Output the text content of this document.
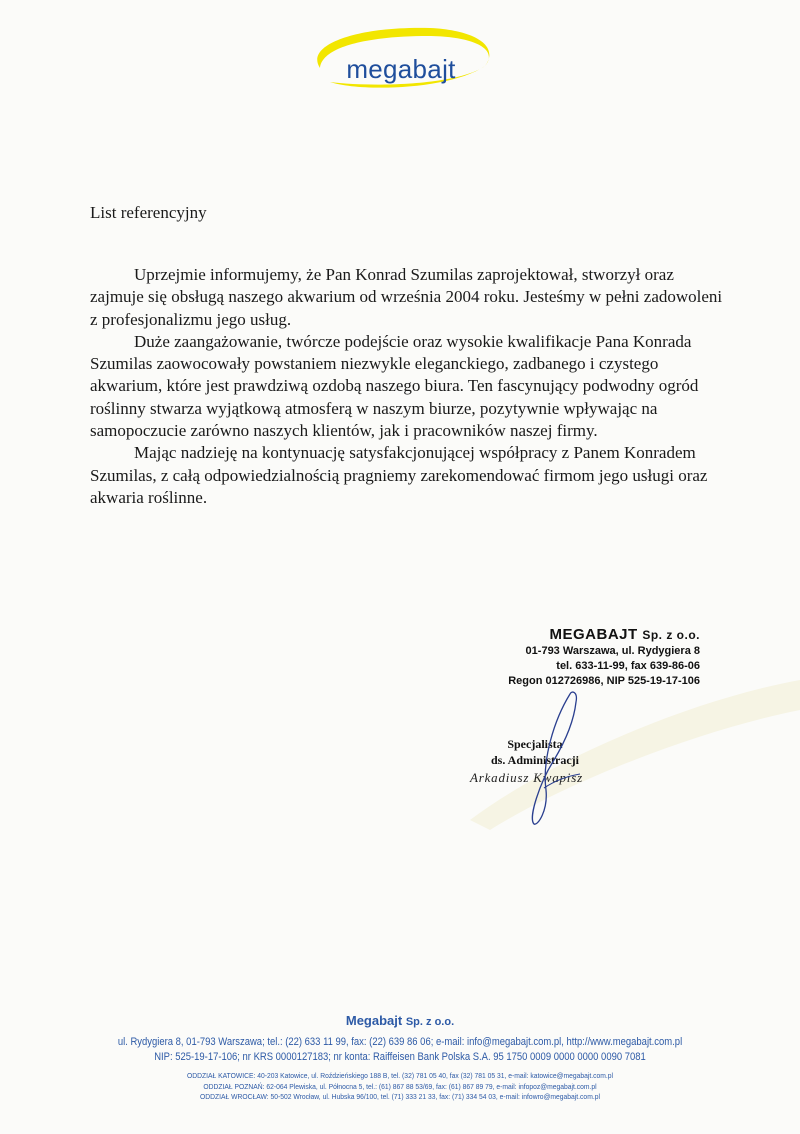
megabajt
List referencyjny

Uprzejmie informujemy, że Pan Konrad Szumilas zaprojektował, stworzył oraz zajmuje się obsługą naszego akwarium od września 2004 roku. Jesteśmy w pełni zadowoleni z profesjonalizmu jego usług.

Duże zaangażowanie, twórcze podejście oraz wysokie kwalifikacje Pana Konrada Szumilas zaowocowały powstaniem niezwykle eleganckiego, zadbanego i czystego akwarium, które jest prawdziwą ozdobą naszego biura. Ten fascynujący podwodny ogród roślinny stwarza wyjątkową atmosferą w naszym biurze, pozytywnie wpływając na samopoczucie zarówno naszych klientów, jak i pracowników naszej firmy.

Mając nadzieję na kontynuację satysfakcjonującej współpracy z Panem Konradem Szumilas, z całą odpowiedzialnością pragniemy zarekomendować firmom jego usługi oraz akwaria roślinne.

MEGABAJT Sp. z o.o.
01-793 Warszawa, ul. Rydygiera 8
tel. 633-11-99, fax 639-86-06
Regon 012726986, NIP 525-19-17-106
Specjalista
ds. Administracji
Arkadiusz Kwapisz
Megabajt Sp. z o.o.
ul. Rydygiera 8, 01-793 Warszawa; tel.: (22) 633 11 99, fax: (22) 639 86 06; e-mail: info@megabajt.com.pl, http://www.megabajt.com.pl
NIP: 525-19-17-106; nr KRS 0000127183; nr konta: Raiffeisen Bank Polska S.A. 95 1750 0009 0000 0000 0090 7081
ODDZIAŁ KATOWICE: 40-203 Katowice, ul. Roździeńskiego 188 B, tel. (32) 781 05 40, fax (32) 781 05 31, e-mail: katowice@megabajt.com.pl
ODDZIAŁ POZNAŃ: 62-064 Plewiska, ul. Północna 5, tel.: (61) 867 88 53/69, fax: (61) 867 89 79, e-mail: infopoz@megabajt.com.pl
ODDZIAŁ WROCŁAW: 50-502 Wrocław, ul. Hubska 96/100, tel. (71) 333 21 33, fax: (71) 334 54 03, e-mail: infowro@megabajt.com.pl
